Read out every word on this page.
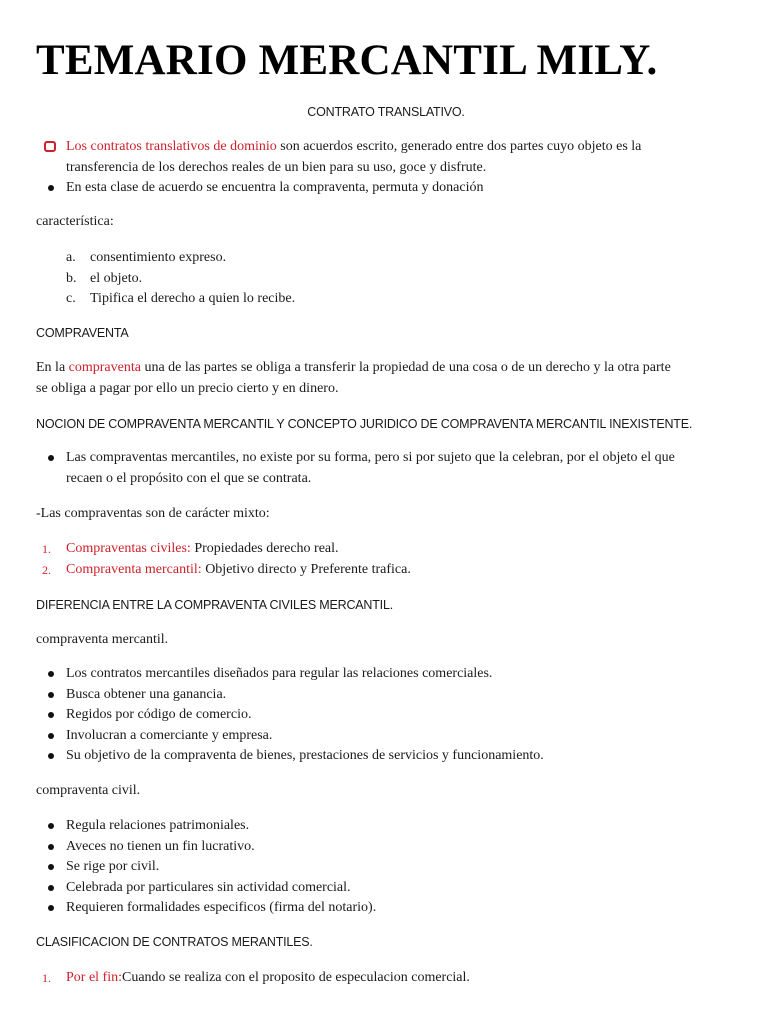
TEMARIO MERCANTIL MILY.
CONTRATO TRANSLATIVO.
Los contratos translativos de dominio son acuerdos escrito, generado entre dos partes cuyo objeto es la
transferencia de los derechos reales de un bien para su uso, goce y disfrute.
En esta clase de acuerdo se encuentra la compraventa, permuta y donación
característica:
a.	consentimiento expreso.
b. el objeto.
c.	Tipifica el derecho a quien lo recibe.
COMPRAVENTA
En la compraventa una de las partes se obliga a transferir la propiedad de una cosa o de un derecho y la otra parte
se obliga a pagar por ello un precio cierto y en dinero.
NOCION DE COMPRAVENTA MERCANTIL Y CONCEPTO JURIDICO DE COMPRAVENTA MERCANTIL INEXISTENTE.
Las compraventas mercantiles, no existe por su forma, pero si por sujeto que la celebran, por el objeto el que
recaen o el propósito con el que se contrata.
-Las compraventas son de carácter mixto:
1. Compraventas civiles: Propiedades derecho real.
2. Compraventa mercantil: Objetivo directo y Preferente trafica.
DIFERENCIA ENTRE LA COMPRAVENTA CIVILES MERCANTIL.
compraventa mercantil.
Los contratos mercantiles diseñados para regular las relaciones comerciales.
Busca obtener una ganancia.
Regidos por código de comercio.
Involucran a comerciante y empresa.
Su objetivo de la compraventa de bienes, prestaciones de servicios y funcionamiento.
compraventa civil.
Regula relaciones patrimoniales.
Aveces no tienen un fin lucrativo.
Se rige por civil.
Celebrada por particulares sin actividad comercial.
Requieren formalidades especificos (firma del notario).
CLASIFICACION DE CONTRATOS MERANTILES.
1. Por el fin:Cuando se realiza con el proposito de especulacion comercial.
